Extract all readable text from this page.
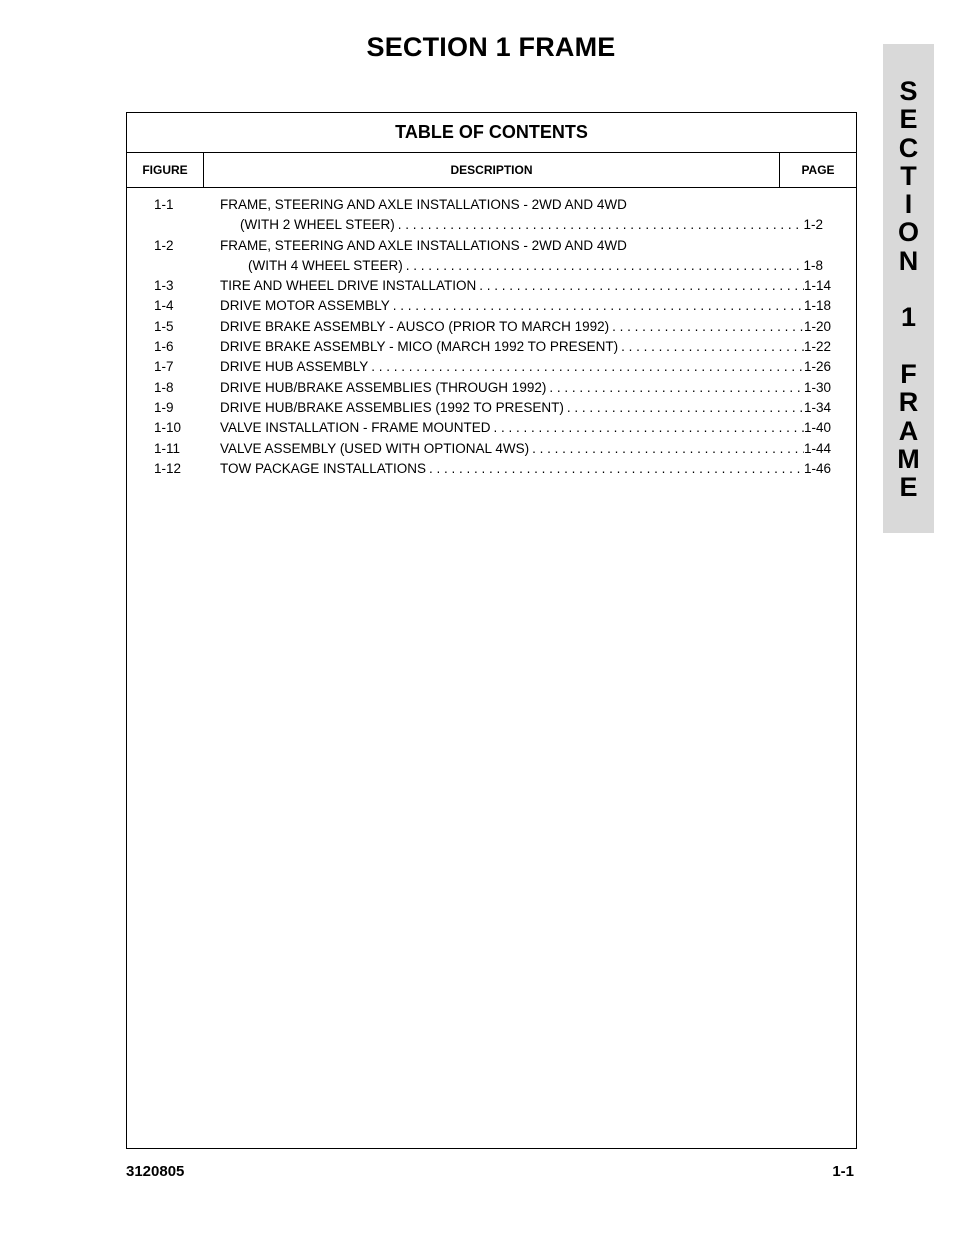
SECTION 1 FRAME
S
E
C
T
I
O
N
1
F
R
A
M
E
TABLE OF CONTENTS
FIGURE	DESCRIPTION	PAGE
1-1	FRAME, STEERING AND AXLE INSTALLATIONS - 2WD AND 4WD
(WITH 2 WHEEL STEER) . . .	1-2
1-2	FRAME, STEERING AND AXLE INSTALLATIONS - 2WD AND 4WD
(WITH 4 WHEEL STEER) . . .	1-8
1-3	TIRE AND WHEEL DRIVE INSTALLATION . . .	1-14
1-4	DRIVE MOTOR ASSEMBLY . . .	1-18
1-5	DRIVE BRAKE ASSEMBLY - AUSCO (PRIOR TO MARCH 1992) . . .	1-20
1-6	DRIVE BRAKE ASSEMBLY - MICO (MARCH 1992 TO PRESENT) . . .	1-22
1-7	DRIVE HUB ASSEMBLY . . .	1-26
1-8	DRIVE HUB/BRAKE ASSEMBLIES (THROUGH 1992) . . .	1-30
1-9	DRIVE HUB/BRAKE ASSEMBLIES (1992 TO PRESENT) . . .	1-34
1-10	VALVE INSTALLATION - FRAME MOUNTED . . .	1-40
1-11	VALVE ASSEMBLY (USED WITH OPTIONAL 4WS) . . .	1-44
1-12	TOW PACKAGE INSTALLATIONS . . .	1-46
3120805	1-1
